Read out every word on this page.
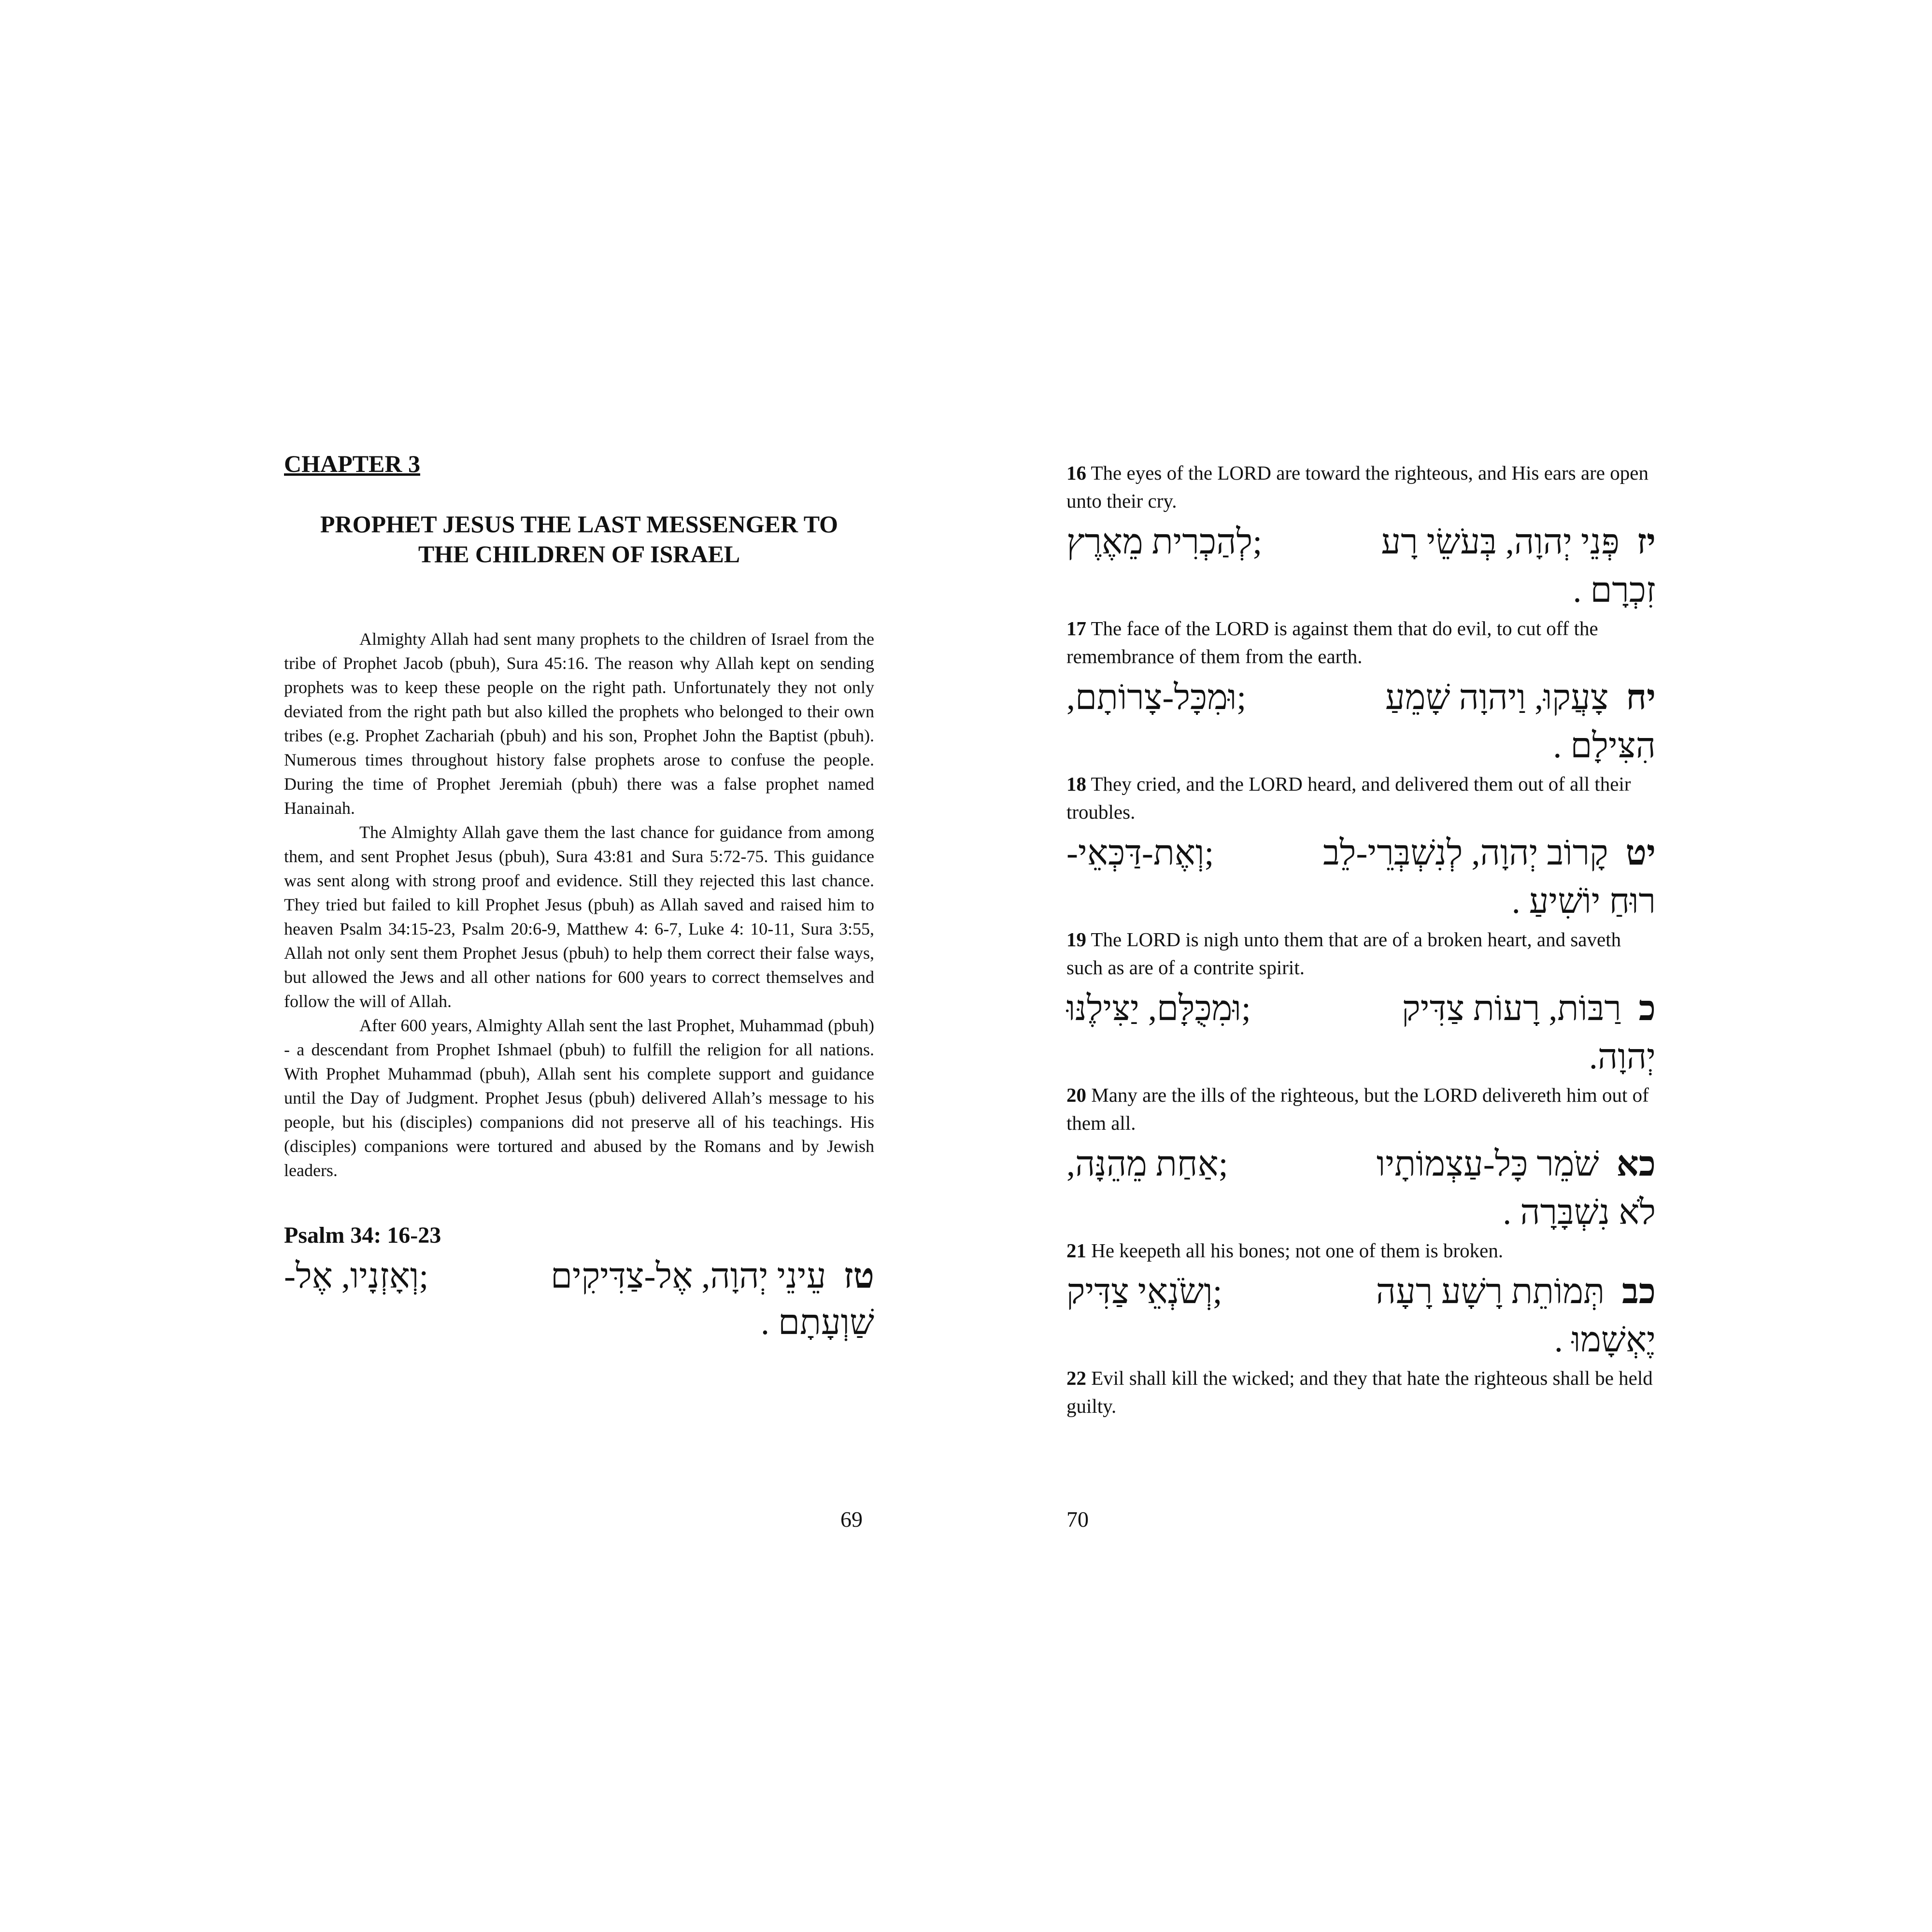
CHAPTER 3
PROPHET JESUS THE LAST MESSENGER TO
THE CHILDREN OF ISRAEL

Almighty Allah had sent many prophets to the children of Israel from the tribe of Prophet Jacob (pbuh), Sura 45:16. The reason why Allah kept on sending prophets was to keep these people on the right path. Unfortunately they not only deviated from the right path but also killed the prophets who belonged to their own tribes (e.g. Prophet Zachariah (pbuh) and his son, Prophet John the Baptist (pbuh). Numerous times throughout history false prophets arose to confuse the people. During the time of Prophet Jeremiah (pbuh) there was a false prophet named Hanainah.

The Almighty Allah gave them the last chance for guidance from among them, and sent Prophet Jesus (pbuh), Sura 43:81 and Sura 5:72-75. This guidance was sent along with strong proof and evidence. Still they rejected this last chance. They tried but failed to kill Prophet Jesus (pbuh) as Allah saved and raised him to heaven Psalm 34:15-23, Psalm 20:6-9, Matthew 4: 6-7, Luke 4: 10-11, Sura 3:55, Allah not only sent them Prophet Jesus (pbuh) to help them correct their false ways, but allowed the Jews and all other nations for 600 years to correct themselves and follow the will of Allah.

After 600 years, Almighty Allah sent the last Prophet, Muhammad (pbuh) - a descendant from Prophet Ishmael (pbuh) to fulfill the religion for all nations. With Prophet Muhammad (pbuh), Allah sent his complete support and guidance until the Day of Judgment. Prophet Jesus (pbuh) delivered Allah’s message to his people, but his (disciples) companions did not preserve all of his teachings. His (disciples) companions were tortured and abused by the Romans and by Jewish leaders.

Psalm 34: 16-23
טזעֵינֵי יְהוָה, אֶל-צַדִּיקִים
;וְאָזְנָיו, אֶל-
שַׁוְעָתָם .

16 The eyes of the LORD are toward the righteous, and His ears are open unto their cry.

יזפְּנֵי יְהוָה, בְּעֹשֵׂי רָע
;לְהַכְרִית מֵאֶרֶץ
זִכְרָם .

17 The face of the LORD is against them that do evil, to cut off the remembrance of them from the earth.

יחצָעֲקוּ, וַיהוָה שָׁמֵעַ
;וּמִכָּל-צָרוֹתָם,
הִצִּילָם .

18 They cried, and the LORD heard, and delivered them out of all their troubles.

יטקָרוֹב יְהוָה, לְנִשְׁבְּרֵי-לֵב
;וְאֶת-דַּכְּאֵי-
רוּחַ יוֹשִׁיעַ .

19 The LORD is nigh unto them that are of a broken heart, and saveth such as are of a contrite spirit.

כרַבּוֹת, רָעוֹת צַדִּיק
;וּמִכֻּלָּם, יַצִּילֶנּוּ
יְהוָה.

20 Many are the ills of the righteous, but the LORD delivereth him out of them all.

כאשֹׁמֵר כָּל-עַצְמוֹתָיו
;אַחַת מֵהֵנָּה,
לֹא נִשְׁבָּרָה .

21 He keepeth all his bones; not one of them is broken.

כבתְּמוֹתֵת רָשָׁע רָעָה
;וְשֹׂנְאֵי צַדִּיק
יֶאְשָׁמוּ .

22 Evil shall kill the wicked; and they that hate the righteous shall be held guilty.

69	70
